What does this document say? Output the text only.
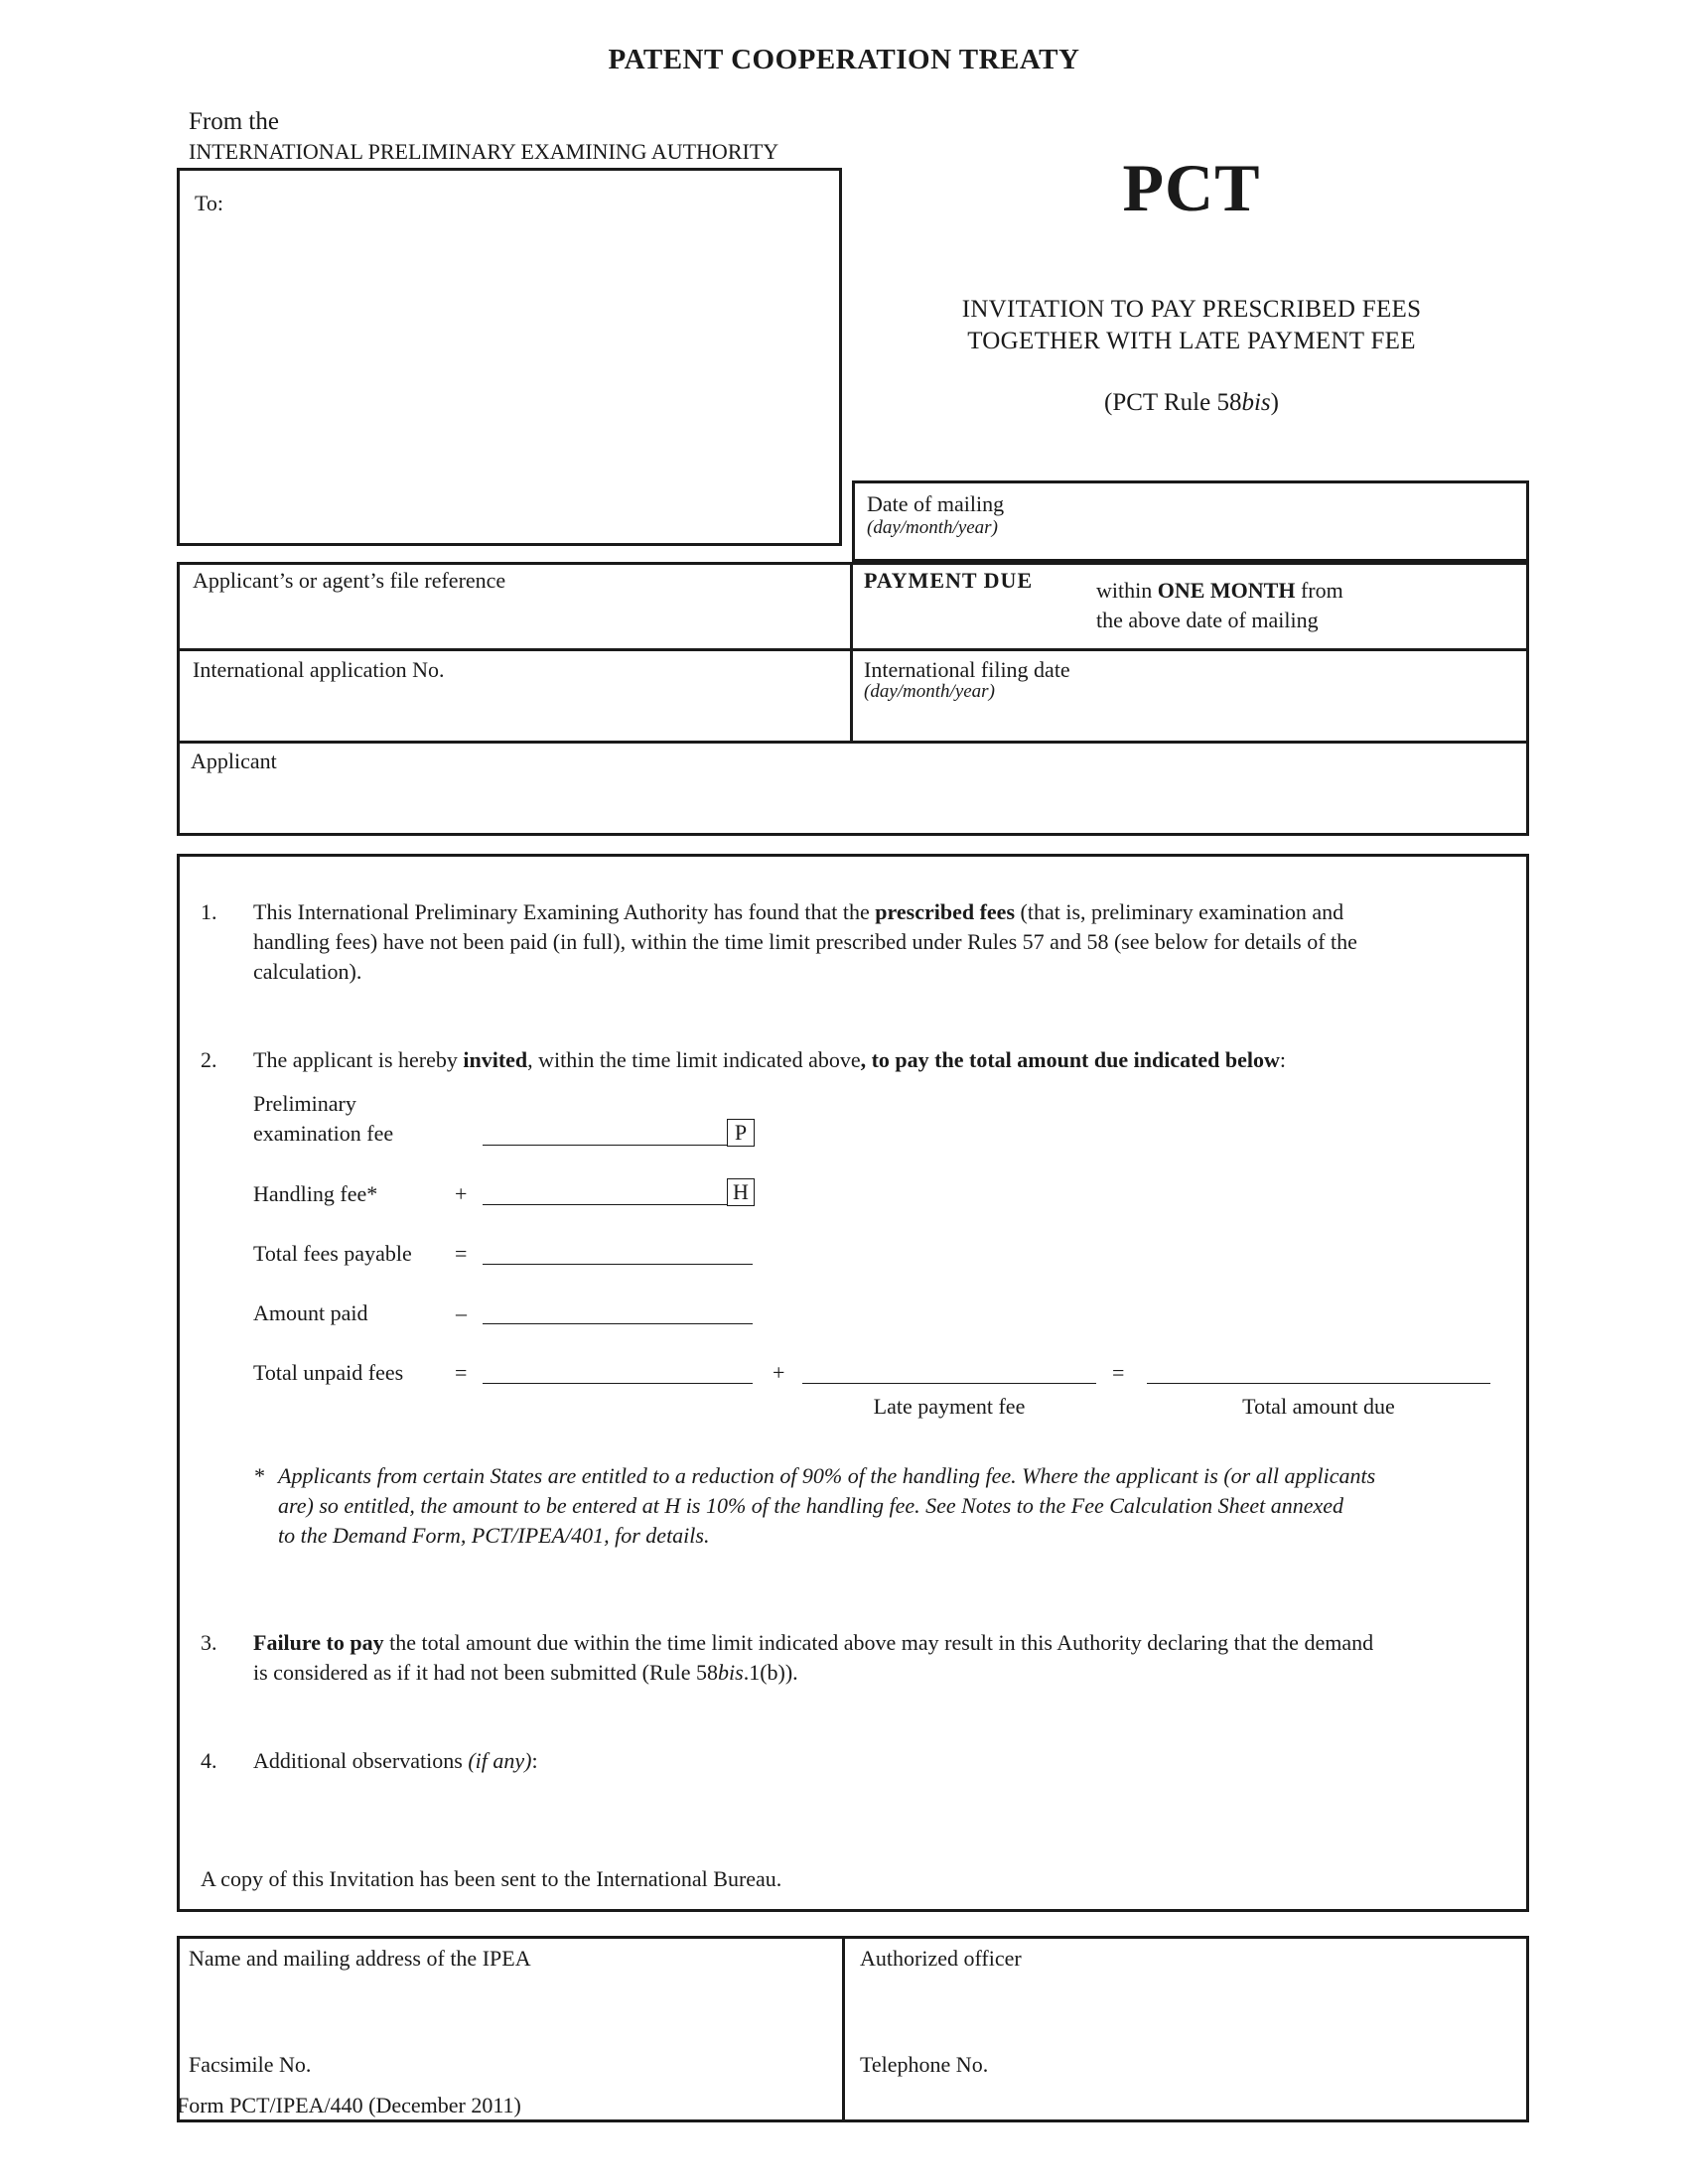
PATENT COOPERATION TREATY
From the
INTERNATIONAL PRELIMINARY EXAMINING AUTHORITY	PCT
INVITATION TO PAY PRESCRIBED FEES
TOGETHER WITH LATE PAYMENT FEE
(PCT Rule 58bis)
To:
Date of mailing
(day/month/year)
Applicant’s or agent’s file reference	PAYMENT DUE	within ONE MONTH from
the above date of mailing
International application No.	International filing date
(day/month/year)
Applicant
1. This International Preliminary Examining Authority has found that the prescribed fees (that is, preliminary examination and
handling fees) have not been paid (in full), within the time limit prescribed under Rules 57 and 58 (see below for details of the
calculation).
2. The applicant is hereby invited, within the time limit indicated above, to pay the total amount due indicated below:
Preliminary
examination fee	P
Handling fee*	+	H
Total fees payable =
Amount paid	–
Total unpaid fees =	+	=
Late payment fee	Total amount due
* Applicants from certain States are entitled to a reduction of 90% of the handling fee. Where the applicant is (or all applicants
are) so entitled, the amount to be entered at H is 10% of the handling fee. See Notes to the Fee Calculation Sheet annexed
to the Demand Form, PCT/IPEA/401, for details.
3. Failure to pay the total amount due within the time limit indicated above may result in this Authority declaring that the demand
is considered as if it had not been submitted (Rule 58bis.1(b)).
4. Additional observations (if any):
A copy of this Invitation has been sent to the International Bureau.
Name and mailing address of the IPEA
Facsimile No.
Authorized officer
Telephone No.
Form PCT/IPEA/440 (December 2011)
